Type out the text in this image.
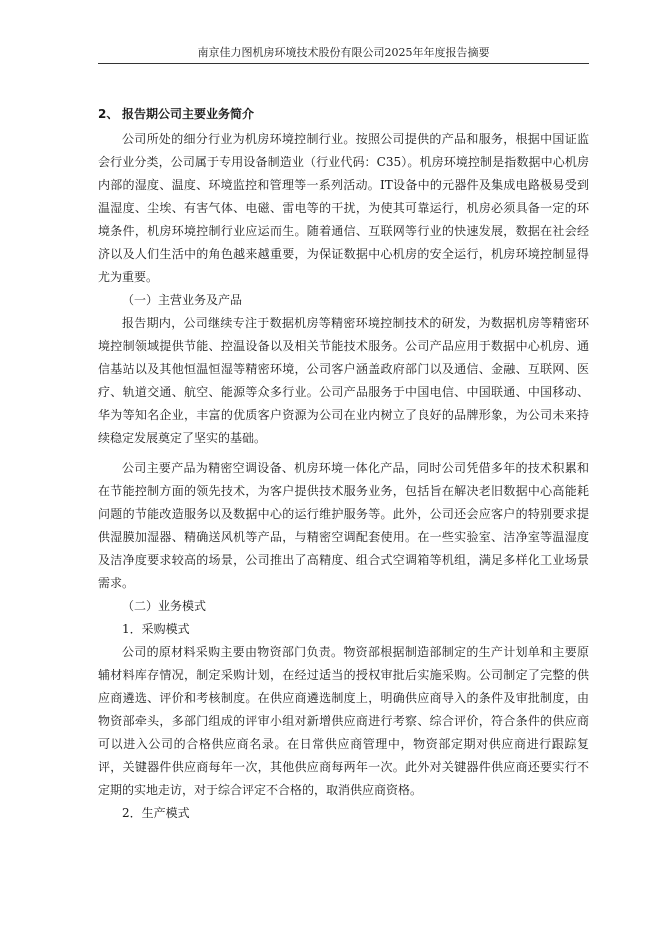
南京佳力图机房环境技术股份有限公司2025年年度报告摘要
2、 报告期公司主要业务简介

公司所处的细分行业为机房环境控制行业。按照公司提供的产品和服务，根据中国证监会行业分类，公司属于专用设备制造业（行业代码：C35）。机房环境控制是指数据中心机房内部的湿度、温度、环境监控和管理等一系列活动。IT设备中的元器件及集成电路极易受到温湿度、尘埃、有害气体、电磁、雷电等的干扰，为使其可靠运行，机房必须具备一定的环境条件，机房环境控制行业应运而生。随着通信、互联网等行业的快速发展，数据在社会经济以及人们生活中的角色越来越重要，为保证数据中心机房的安全运行，机房环境控制显得尤为重要。

（一）主营业务及产品

报告期内，公司继续专注于数据机房等精密环境控制技术的研发，为数据机房等精密环境控制领域提供节能、控温设备以及相关节能技术服务。公司产品应用于数据中心机房、通信基站以及其他恒温恒湿等精密环境，公司客户涵盖政府部门以及通信、金融、互联网、医疗、轨道交通、航空、能源等众多行业。公司产品服务于中国电信、中国联通、中国移动、华为等知名企业，丰富的优质客户资源为公司在业内树立了良好的品牌形象，为公司未来持续稳定发展奠定了坚实的基础。

公司主要产品为精密空调设备、机房环境一体化产品，同时公司凭借多年的技术积累和在节能控制方面的领先技术，为客户提供技术服务业务，包括旨在解决老旧数据中心高能耗问题的节能改造服务以及数据中心的运行维护服务等。此外，公司还会应客户的特别要求提供湿膜加湿器、精确送风机等产品，与精密空调配套使用。在一些实验室、洁净室等温湿度及洁净度要求较高的场景，公司推出了高精度、组合式空调箱等机组，满足多样化工业场景需求。

（二）业务模式

1．采购模式

公司的原材料采购主要由物资部门负责。物资部根据制造部制定的生产计划单和主要原辅材料库存情况，制定采购计划，在经过适当的授权审批后实施采购。公司制定了完整的供应商遴选、评价和考核制度。在供应商遴选制度上，明确供应商导入的条件及审批制度，由物资部牵头，多部门组成的评审小组对新增供应商进行考察、综合评价，符合条件的供应商可以进入公司的合格供应商名录。在日常供应商管理中，物资部定期对供应商进行跟踪复评，关键器件供应商每年一次，其他供应商每两年一次。此外对关键器件供应商还要实行不定期的实地走访，对于综合评定不合格的，取消供应商资格。

2．生产模式
